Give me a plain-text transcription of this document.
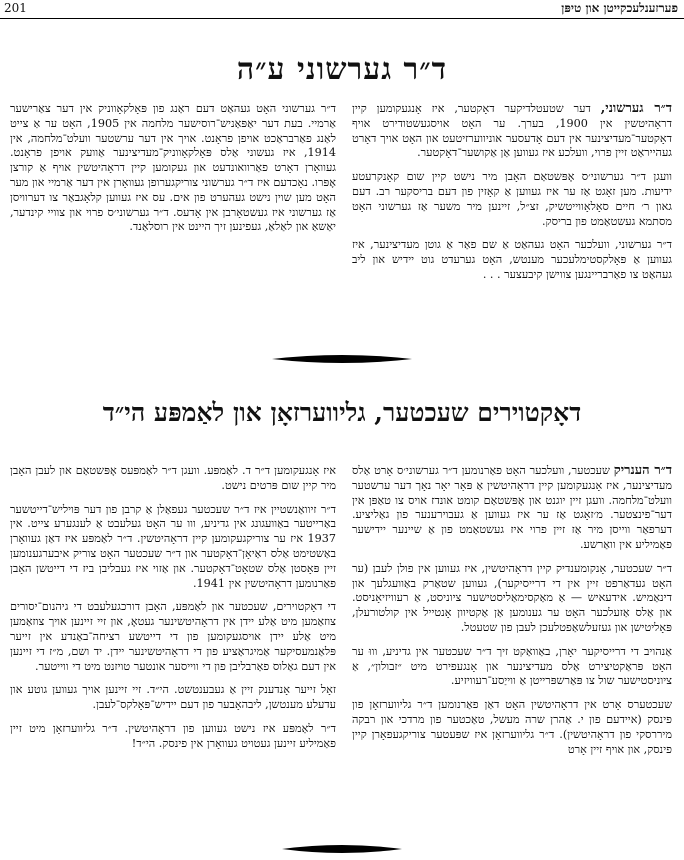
201	פערזענלעכקייטן און טיפּן
ד״ר גערשוני ע״ה

ד״ר גערשוני, דער שטעטלדיקער דאָקטער, איז אָנגעקומען קיין דראָהיטשין אין 1900, בערך. ער האָט אויסגעשטודירט אויף דאָקטער־מעדיצינער אין דעם אָדעסער אוניווערזיטעט און האָט אויך דאָרט געהייראַט זיין פרוי, וועלכע איז געווען אַן אַקושער־דאָקטער.

וועגן ד״ר גערשוני׳ס אָפּשטאַם האָבן מיר נישט קיין שום קאָנקרעטע ידיעות. מען זאָגט אַז ער איז געווען אַ קאָזין פון דעם בריסקער רב. דעם גאון ר׳ חיים סאָלאָווייטשיק, זצ״ל, זיינען מיר משער אַז גערשוני האָט מסתמא געשטאַמט פון בריסק.

ד״ר גערשוני, וועלכער האָט געהאַט אַ שם פאַר אַ גוטן מעדיצינער, איז געווען אַ פּאָלקסטימלעכער מענטש, האָט גערעדט גוט יידיש און ליב געהאַט צו פאַרבריינגען צווישן קיבעצער . . .

ד״ר גערשוני האָט געהאַט דעם ראַנג פון פּאָלקאָווניק אין דער צאַרישער אַרמיי. בעת דער יאַפּאַניש־רוסישער מלחמה אין 1905, האָט ער אַ צייט לאַנג פאַרבראַכט אויפן פראָנט. אויך אין דער ערשטער וועלט־מלחמה, אין 1914, איז געשוני אַלס פּאָלקאָווניק־מעדיצינער אַוועק אויפן פראָנט. געוואָרן דאָרט פאַרוואונדעט און געקומען קיין דראָהיטשין אויף אַ קורצן אָפּרו. נאָכדעם איז ד״ר גערשוני צוריקגערופן געוואָרן אין דער אַרמיי און מער האָט מען שוין נישט געהערט פון אים. עס איז געווען קלאָגבאַר צו דערוויסן אַז גערשוני איז געשטאָרבן אין אָדעס. ד״ר גערשוני׳ס פרוי און צוויי קינדער, יאַשאַ און לאַלאַ, געפינען זיך היינט אין רוסלאַנד.

דאָקטוירים שעכטער, גליווערזאָן און לאַמפּע הי״ד

ד״ר הענריק שעכטער, וועלכער האָט פאַרנומען ד״ר גערשוני׳ס אָרט אַלס מעדיצינער, איז אָנגעקומען קיין דראָהיטשין אַ פּאָר יאָר נאָך דער ערשטער וועלט־מלחמה. וועגן זיין יוגנט און אָפּשטאַם קומט אונדז אויס צו טאַפּן אין דער־פינצטער. מ׳זאָגט אַז ער איז געווען אַ געבוירענער פון גאַליציע. דערפאַר ווייסן מיר אַז זיין פרוי איז געשטאַמט פון אַ שיינער יידישער פאַמיליע אין וואַרשע.

ד״ר שעכטער, אָנקומענדיק קיין דראָהיטשין, איז געווען אין פולן לעבן (ער האָט געדאַרפט זיין אין די דרייסיקער), געווען שטאַרק באַוועגלעך און דינאַמיש. אידעאיש — אַ מאַקסימאַליסטישער ציוניסט, אַ רעוויזיאָניסט. און אַלס אַזעלכער האָט ער גענומען אַן אַקטיוון אָנטייל אין קולטורעלן, פּאָליטישן און געזעלשאַפטלעכן לעבן פון שטעטל.

אַנהויב די דרייסיקער יאָרן, באַוואַקט זיך ד״ר שעכטער אין גדיניע, וווּ ער האָט פּראַקטיצירט אַלס מעדיצינער און אָנגעפירט מיט ״זבולון״, אַ ציוניסטישער שול צו פּאַרשפּרייטן אַ ווייַסע־רעוויזיע.

שעכטערס אָרט אין דראָהיטשין האָט דאַן פאַרנומען ד״ר גליווערזאָן פון פינסק (איידעם פון י. אַהרן שרה מעשל, טאַכטער פון מרדכי און רבקה מיררסקי פון דראָהיטשין). ד״ר גליווערזאָן איז שפּעטער צוריקגעפאָרן קיין פינסק, און אויף זיין אָרט

איז אָנגעקומען ד״ר ד. לאַמפּע. וועגן ד״ר לאַמפּעס אָפּשטאַם און לעבן האָבן מיר קיין שום פּרטים נישט.

ד״ר זיוואַנשטיין איז ד״ר שעכטער געפאַלן אַ קרבן פון דער פּויליש־דייטשער באַרייטער באַוועגונג אין גדיניע, ווו ער האָט געלעבט אַ לענגערע צייט. אין 1937 איז ער צוריקגעקומען קיין דראָהיטשין. ד״ר לאַמפּע איז דאַן געוואָרן באַשטימט אַלס ראַיאָן־דאָקטער און ד״ר שעכטער האָט צוריק איבערגענומען זיין פּאָסטן אַלס שטאָט־דאָקטער. און אַזוי איז געבליבן ביז די דייטשן האָבן פאַרנומען דראָהיטשין אין 1941.

די דאָקטוירים, שעכטער און לאַמפּע, האָבן דורכגעלעבט די גיהנום־יסורים צוזאַמען מיט אַלע יידן אין דראָהיטשינער געטאָ, און זיי זיינען אויך צוזאַמען מיט אַלע יידן אויסגעקומען פון די דייטשע רציחה־באַנדע אין זייער פּלאַנמעסיקער אַמיגראַציע פון די דראָהיטשינער יידן. יד ושם, מ״ז די זיינען אין דעם גאַלוס פאַרבליבן פון די ווייסער אונטער טויזנט מיט די ווייטער.

זאָל זייער אָנדענק זיין אַ געבענטשט. הי״ד. זיי זיינען אויך געווען גוטע און עדעלע מענטשן, ליבהאָבער פון דעם יידיש־פּאָלקס־לעבן.

ד״ר לאַמפּע איז נישט געווען פון דראָהיטשין. ד״ר גליווערזאָן מיט זיין פאַמיליע זיינען געטויט געוואָרן אין פינסק. הי״ד!
